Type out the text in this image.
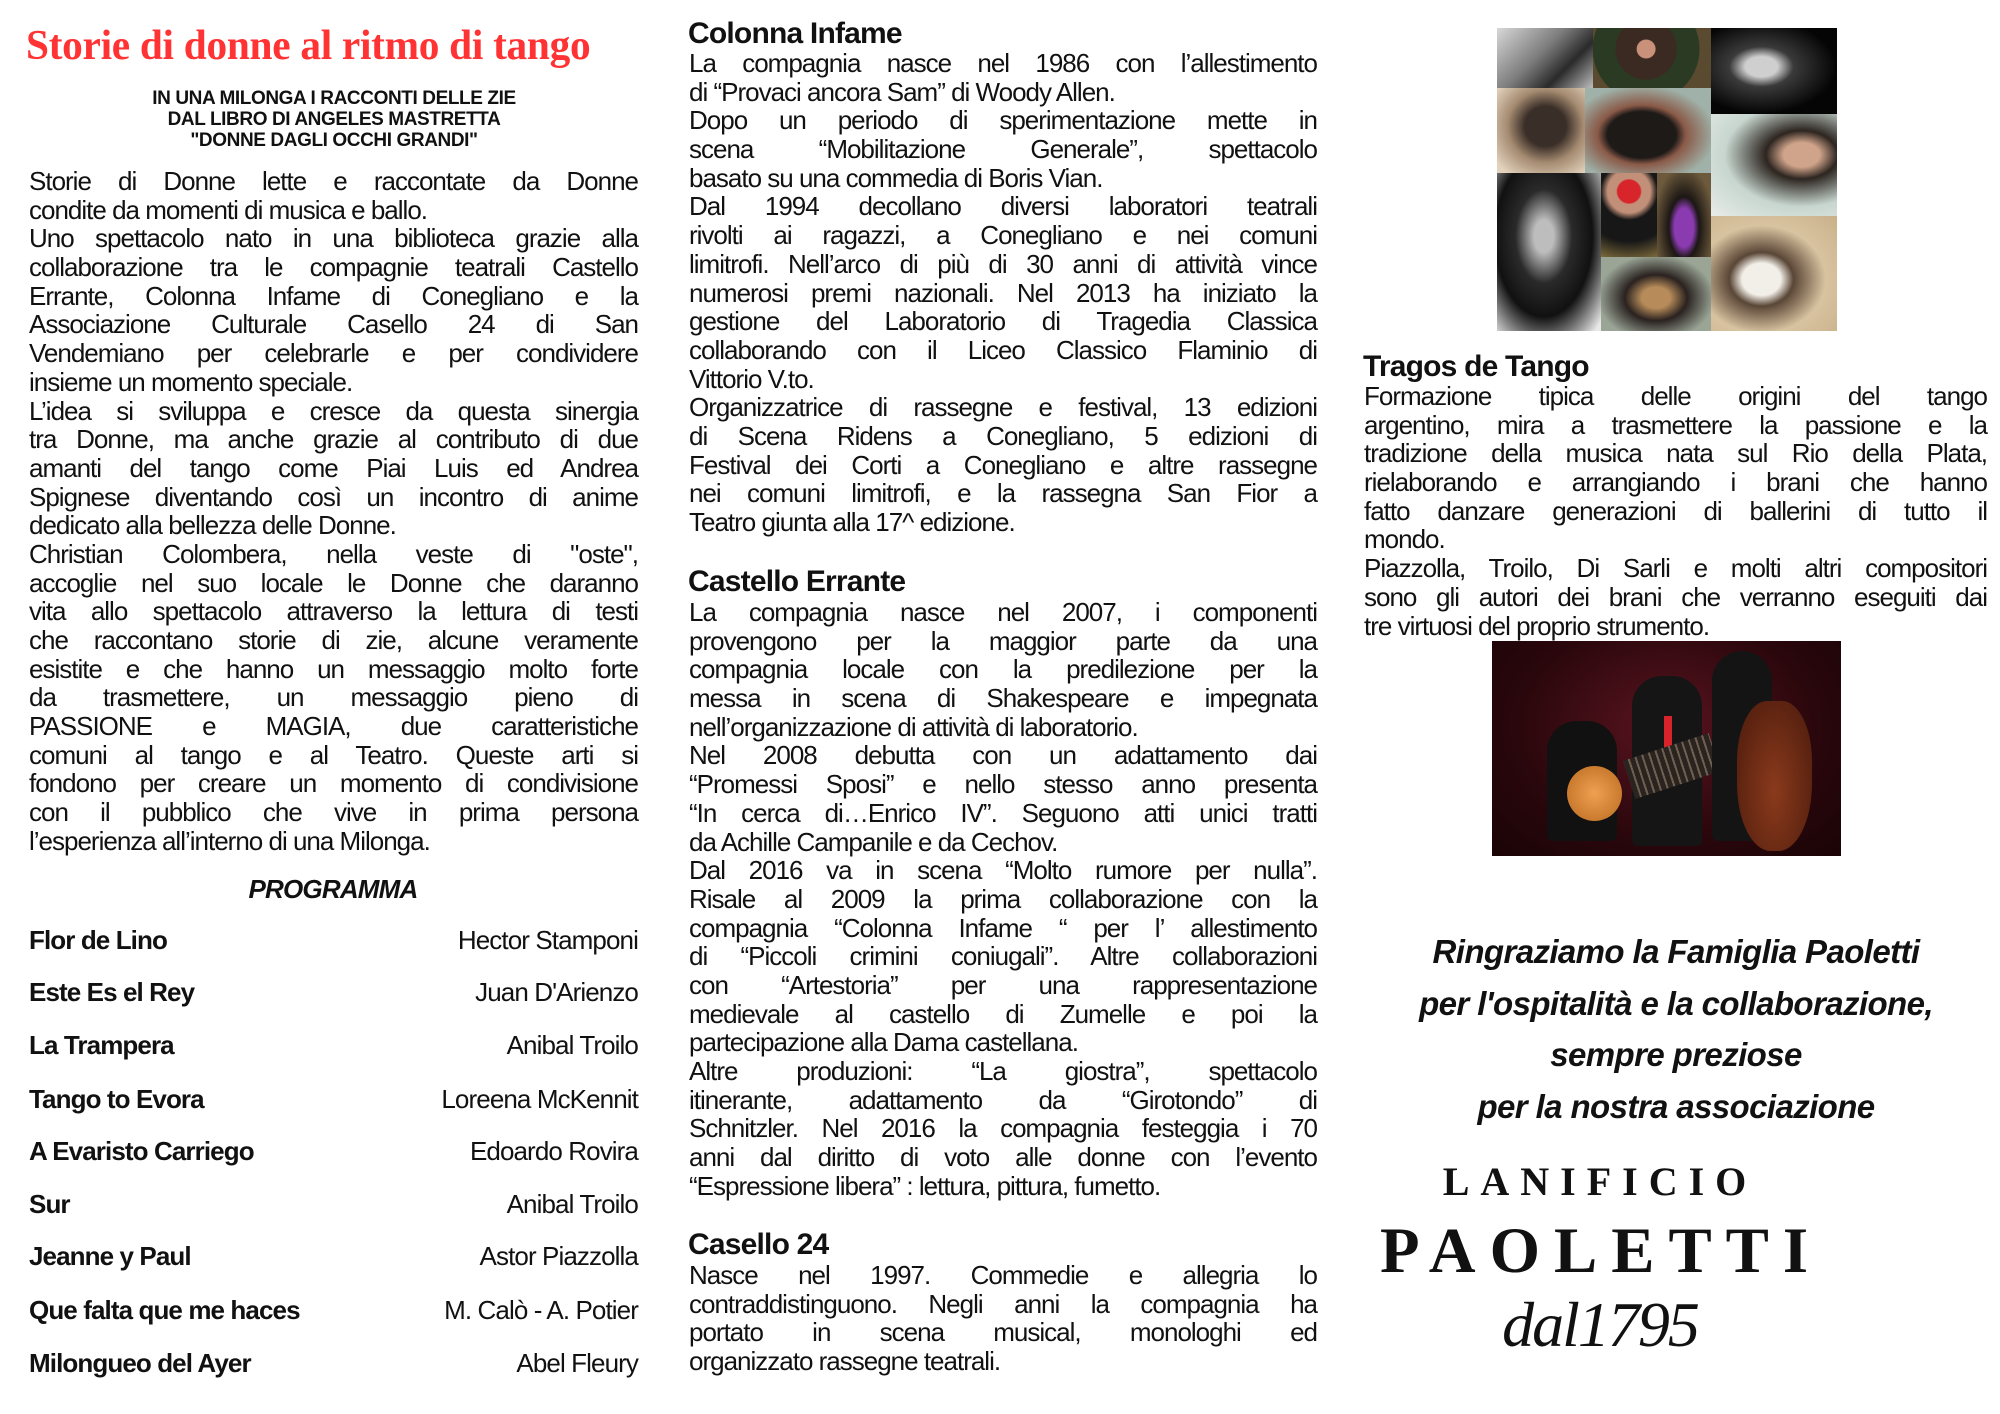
Storie di donne al ritmo di tango
IN UNA MILONGA I RACCONTI DELLE ZIE
DAL LIBRO DI ANGELES MASTRETTA
"DONNE DAGLI OCCHI GRANDI"
Storie di Donne lette e raccontate da Donne
condite da momenti di musica e ballo.
Uno spettacolo nato in una biblioteca grazie alla
collaborazione tra le compagnie teatrali Castello
Errante, Colonna Infame di Conegliano e la
Associazione Culturale Casello 24 di San
Vendemiano per celebrarle e per condividere
insieme un momento speciale.
L’idea si sviluppa e cresce da questa sinergia
tra Donne, ma anche grazie al contributo di due
amanti del tango come Piai Luis ed Andrea
Spignese diventando così un incontro di anime
dedicato alla bellezza delle Donne.
Christian Colombera, nella veste di "oste",
accoglie nel suo locale le Donne che daranno
vita allo spettacolo attraverso la lettura di testi
che raccontano storie di zie, alcune veramente
esistite e che hanno un messaggio molto forte
da trasmettere, un messaggio pieno di
PASSIONE e MAGIA, due caratteristiche
comuni al tango e al Teatro. Queste arti si
fondono per creare un momento di condivisione
con il pubblico che vive in prima persona
l’esperienza all’interno di una Milonga.
PROGRAMMA
Flor de Lino	Hector Stamponi
Este Es el Rey	Juan D'Arienzo
La Trampera	Anibal Troilo
Tango to Evora	Loreena McKennit
A Evaristo Carriego	Edoardo Rovira
Sur	Anibal Troilo
Jeanne y Paul	Astor Piazzolla
Que falta que me haces	M. Calò - A. Potier
Milongueo del Ayer	Abel Fleury
Colonna Infame
La compagnia nasce nel 1986 con l’allestimento
di “Provaci ancora Sam” di Woody Allen.
Dopo un periodo di sperimentazione mette in
scena “Mobilitazione Generale”, spettacolo
basato su una commedia di Boris Vian.
Dal 1994 decollano diversi laboratori teatrali
rivolti ai ragazzi, a Conegliano e nei comuni
limitrofi. Nell’arco di più di 30 anni di attività vince
numerosi premi nazionali. Nel 2013 ha iniziato la
gestione del Laboratorio di Tragedia Classica
collaborando con il Liceo Classico Flaminio di
Vittorio V.to.
Organizzatrice di rassegne e festival, 13 edizioni
di Scena Ridens a Conegliano, 5 edizioni di
Festival dei Corti a Conegliano e altre rassegne
nei comuni limitrofi, e la rassegna San Fior a
Teatro giunta alla 17^ edizione.
Castello Errante
La compagnia nasce nel 2007, i componenti
provengono per la maggior parte da una
compagnia locale con la predilezione per la
messa in scena di Shakespeare e impegnata
nell’organizzazione di attività di laboratorio.
Nel 2008 debutta con un adattamento dai
“Promessi Sposi” e nello stesso anno presenta
“In cerca di…Enrico IV”. Seguono atti unici tratti
da Achille Campanile e da Cechov.
Dal 2016 va in scena “Molto rumore per nulla”.
Risale al 2009 la prima collaborazione con la
compagnia “Colonna Infame “ per l’ allestimento
di “Piccoli crimini coniugali”. Altre collaborazioni
con “Artestoria” per una rappresentazione
medievale al castello di Zumelle e poi la
partecipazione alla Dama castellana.
Altre produzioni: “La giostra”, spettacolo
itinerante, adattamento da “Girotondo” di
Schnitzler. Nel 2016 la compagnia festeggia i 70
anni dal diritto di voto alle donne con l’evento
“Espressione libera” : lettura, pittura, fumetto.
Casello 24
Nasce nel 1997. Commedie e allegria lo
contraddistinguono. Negli anni la compagnia ha
portato in scena musical, monologhi ed
organizzato rassegne teatrali.
Tragos de Tango
Formazione tipica delle origini del tango
argentino, mira a trasmettere la passione e la
tradizione della musica nata sul Rio della Plata,
rielaborando e arrangiando i brani che hanno
fatto danzare generazioni di ballerini di tutto il
mondo.
Piazzolla, Troilo, Di Sarli e molti altri compositori
sono gli autori dei brani che verranno eseguiti dai
tre virtuosi del proprio strumento.
Ringraziamo la Famiglia Paoletti
per l'ospitalità e la collaborazione,
sempre preziose
per la nostra associazione
LANIFICIO
PAOLETTI
dal1795
